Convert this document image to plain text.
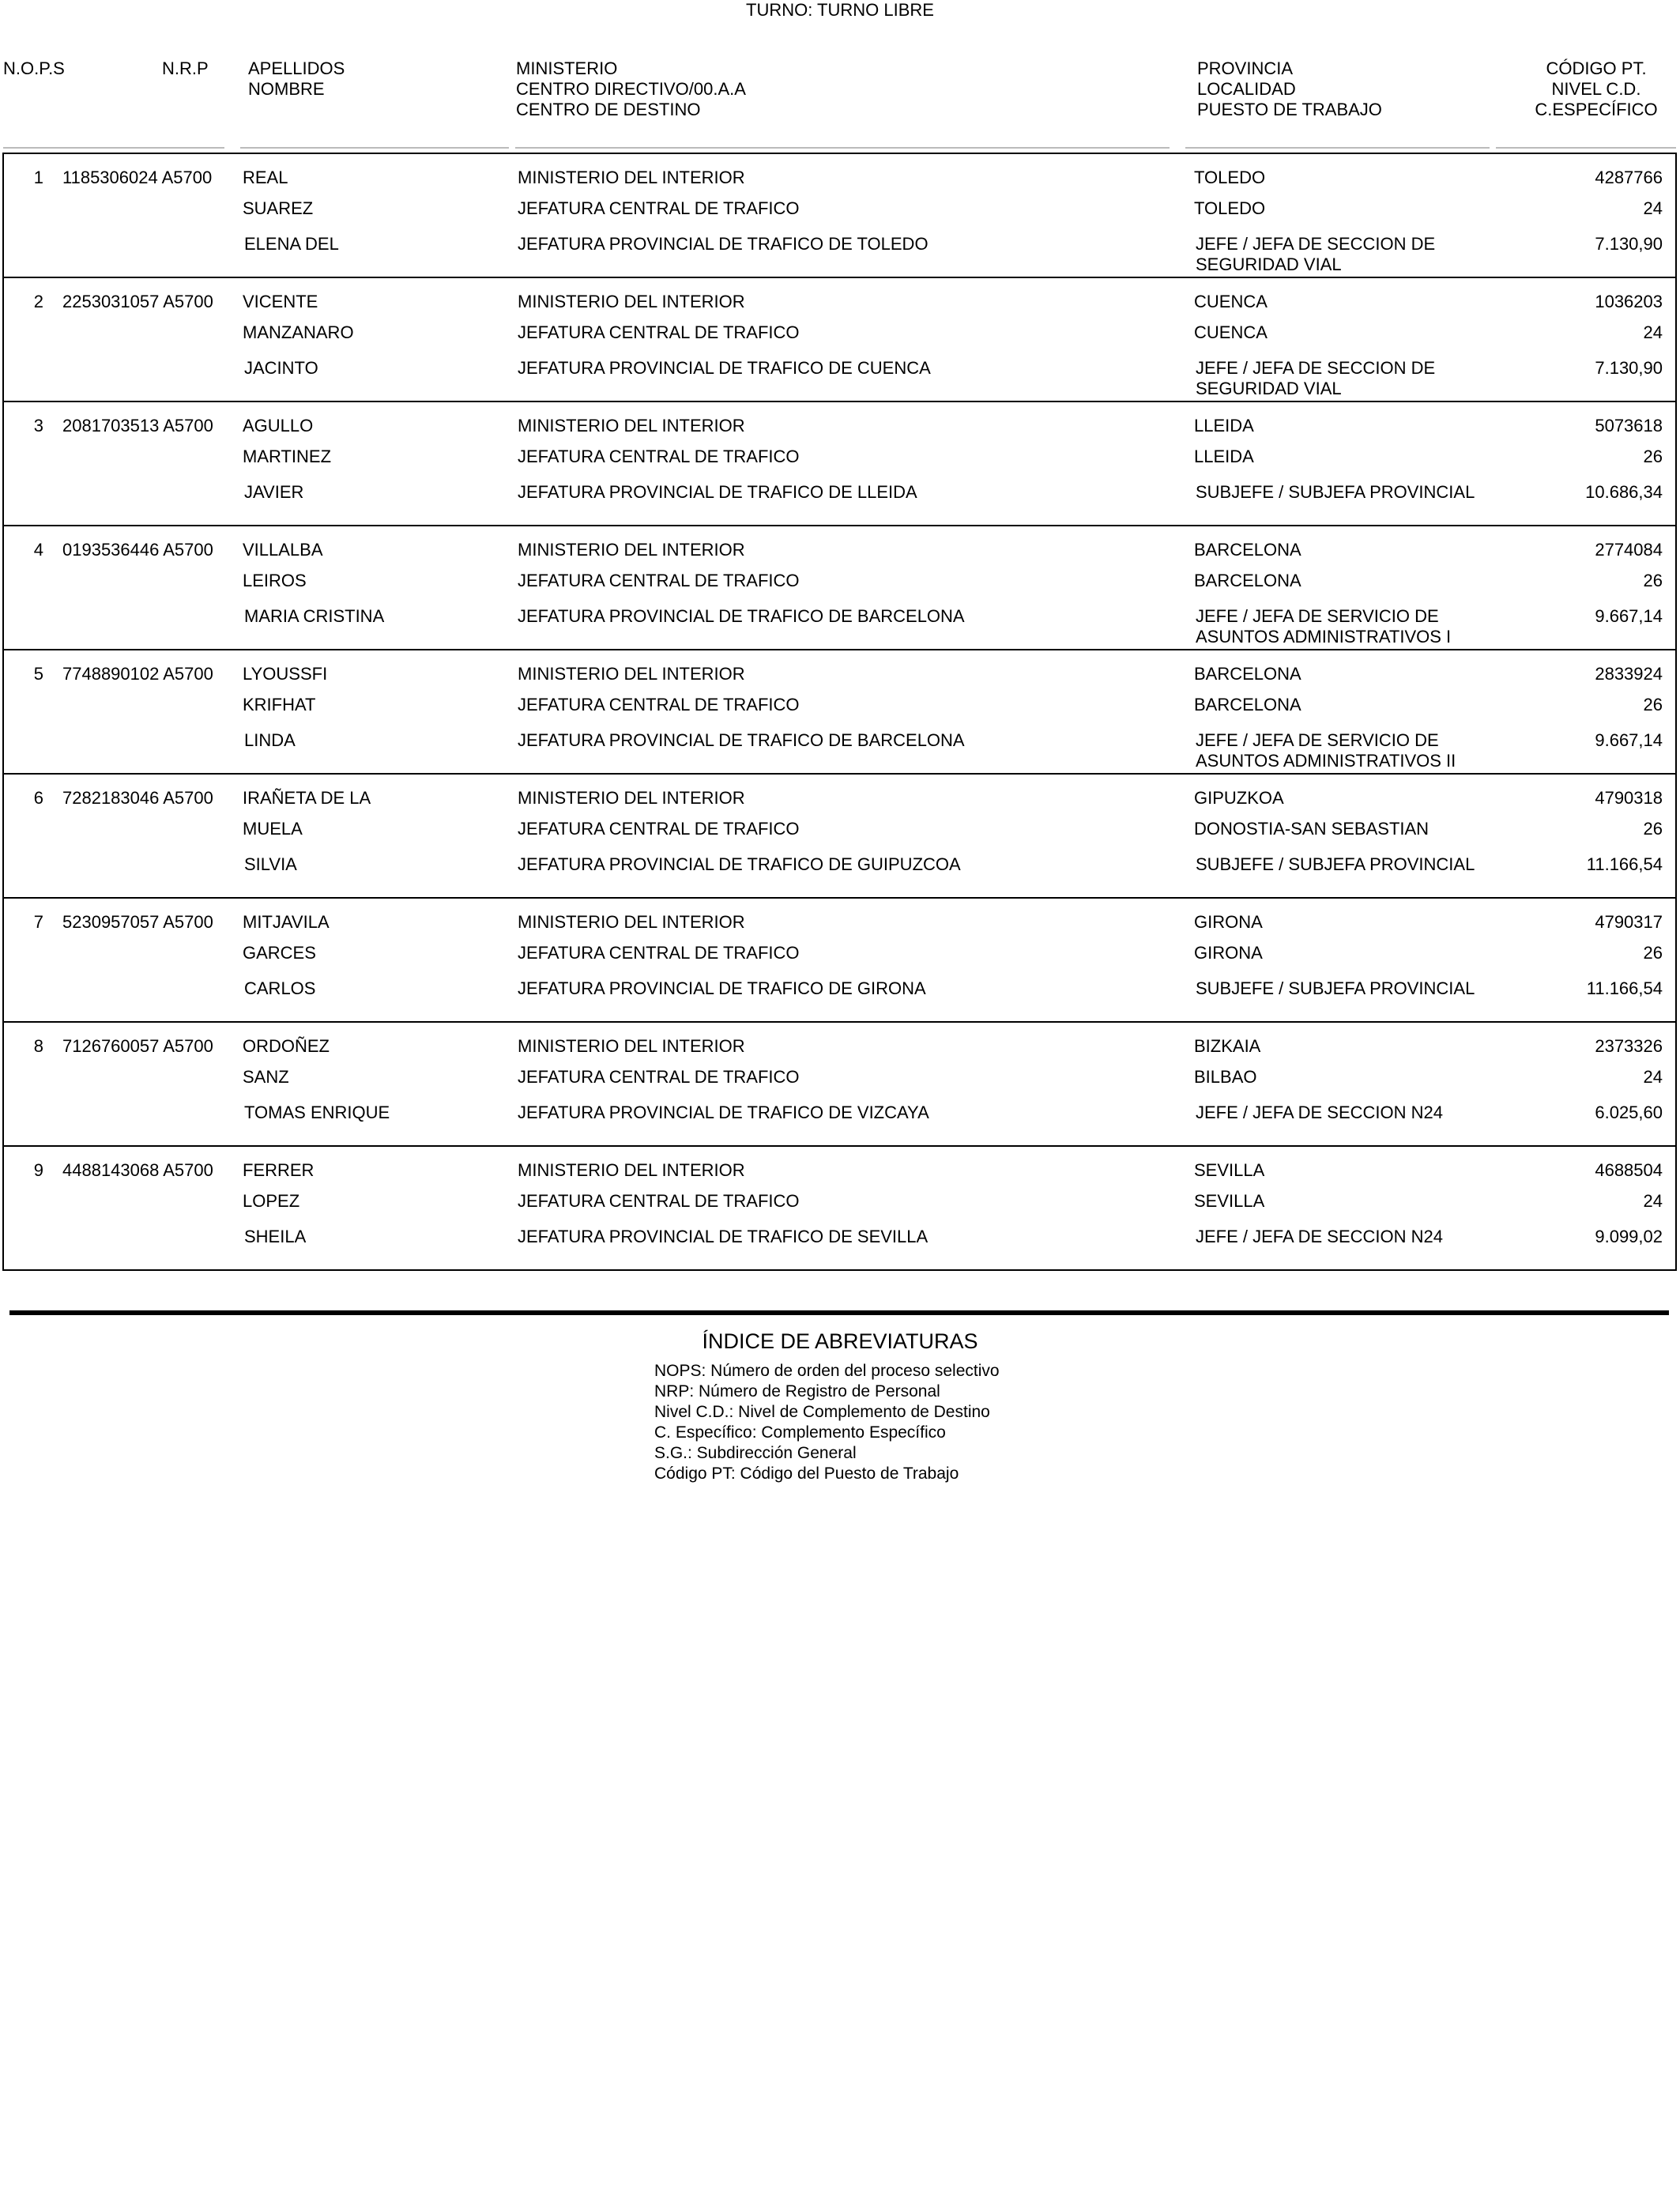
TURNO: TURNO LIBRE
N.O.P.S	N.R.P APELLIDOS
NOMBRE
MINISTERIO
CENTRO DIRECTIVO/00.A.A
CENTRO DE DESTINO
PROVINCIA
LOCALIDAD
PUESTO DE TRABAJO
CÓDIGO PT.
NIVEL C.D.
C.ESPECÍFICO
1 1185306024 A5700 REAL
SUAREZ
ELENA DEL
MINISTERIO DEL INTERIOR
JEFATURA CENTRAL DE TRAFICO
JEFATURA PROVINCIAL DE TRAFICO DE TOLEDO
TOLEDO
TOLEDO
JEFE / JEFA DE SECCION DE
SEGURIDAD VIAL
4287766
24
7.130,90
2 2253031057 A5700 VICENTE
MANZANARO
JACINTO
MINISTERIO DEL INTERIOR
JEFATURA CENTRAL DE TRAFICO
JEFATURA PROVINCIAL DE TRAFICO DE CUENCA
CUENCA
CUENCA
JEFE / JEFA DE SECCION DE
SEGURIDAD VIAL
1036203
24
7.130,90
3 2081703513 A5700 AGULLO
MARTINEZ
JAVIER
MINISTERIO DEL INTERIOR
JEFATURA CENTRAL DE TRAFICO
JEFATURA PROVINCIAL DE TRAFICO DE LLEIDA
LLEIDA
LLEIDA
SUBJEFE / SUBJEFA PROVINCIAL
5073618
26
10.686,34
4 0193536446 A5700 VILLALBA
LEIROS
MARIA CRISTINA
MINISTERIO DEL INTERIOR
JEFATURA CENTRAL DE TRAFICO
JEFATURA PROVINCIAL DE TRAFICO DE BARCELONA
BARCELONA
BARCELONA
JEFE / JEFA DE SERVICIO DE
ASUNTOS ADMINISTRATIVOS I
2774084
26
9.667,14
5 7748890102 A5700 LYOUSSFI
KRIFHAT
LINDA
MINISTERIO DEL INTERIOR
JEFATURA CENTRAL DE TRAFICO
JEFATURA PROVINCIAL DE TRAFICO DE BARCELONA
BARCELONA
BARCELONA
JEFE / JEFA DE SERVICIO DE
ASUNTOS ADMINISTRATIVOS II
2833924
26
9.667,14
6 7282183046 A5700 IRAÑETA DE LA
MUELA
SILVIA
MINISTERIO DEL INTERIOR
JEFATURA CENTRAL DE TRAFICO
JEFATURA PROVINCIAL DE TRAFICO DE GUIPUZCOA
GIPUZKOA
DONOSTIA-SAN SEBASTIAN
SUBJEFE / SUBJEFA PROVINCIAL
4790318
26
11.166,54
7 5230957057 A5700 MITJAVILA
GARCES
CARLOS
MINISTERIO DEL INTERIOR
JEFATURA CENTRAL DE TRAFICO
JEFATURA PROVINCIAL DE TRAFICO DE GIRONA
GIRONA
GIRONA
SUBJEFE / SUBJEFA PROVINCIAL
4790317
26
11.166,54
8 7126760057 A5700 ORDOÑEZ
SANZ
TOMAS ENRIQUE
MINISTERIO DEL INTERIOR
JEFATURA CENTRAL DE TRAFICO
JEFATURA PROVINCIAL DE TRAFICO DE VIZCAYA
BIZKAIA
BILBAO
JEFE / JEFA DE SECCION N24
2373326
24
6.025,60
9 4488143068 A5700 FERRER
LOPEZ
SHEILA
MINISTERIO DEL INTERIOR
JEFATURA CENTRAL DE TRAFICO
JEFATURA PROVINCIAL DE TRAFICO DE SEVILLA
SEVILLA
SEVILLA
JEFE / JEFA DE SECCION N24
4688504
24
9.099,02
ÍNDICE DE ABREVIATURAS
NOPS: Número de orden del proceso selectivo
NRP: Número de Registro de Personal
Nivel C.D.: Nivel de Complemento de Destino
C. Específico: Complemento Específico
S.G.: Subdirección General
Código PT: Código del Puesto de Trabajo
